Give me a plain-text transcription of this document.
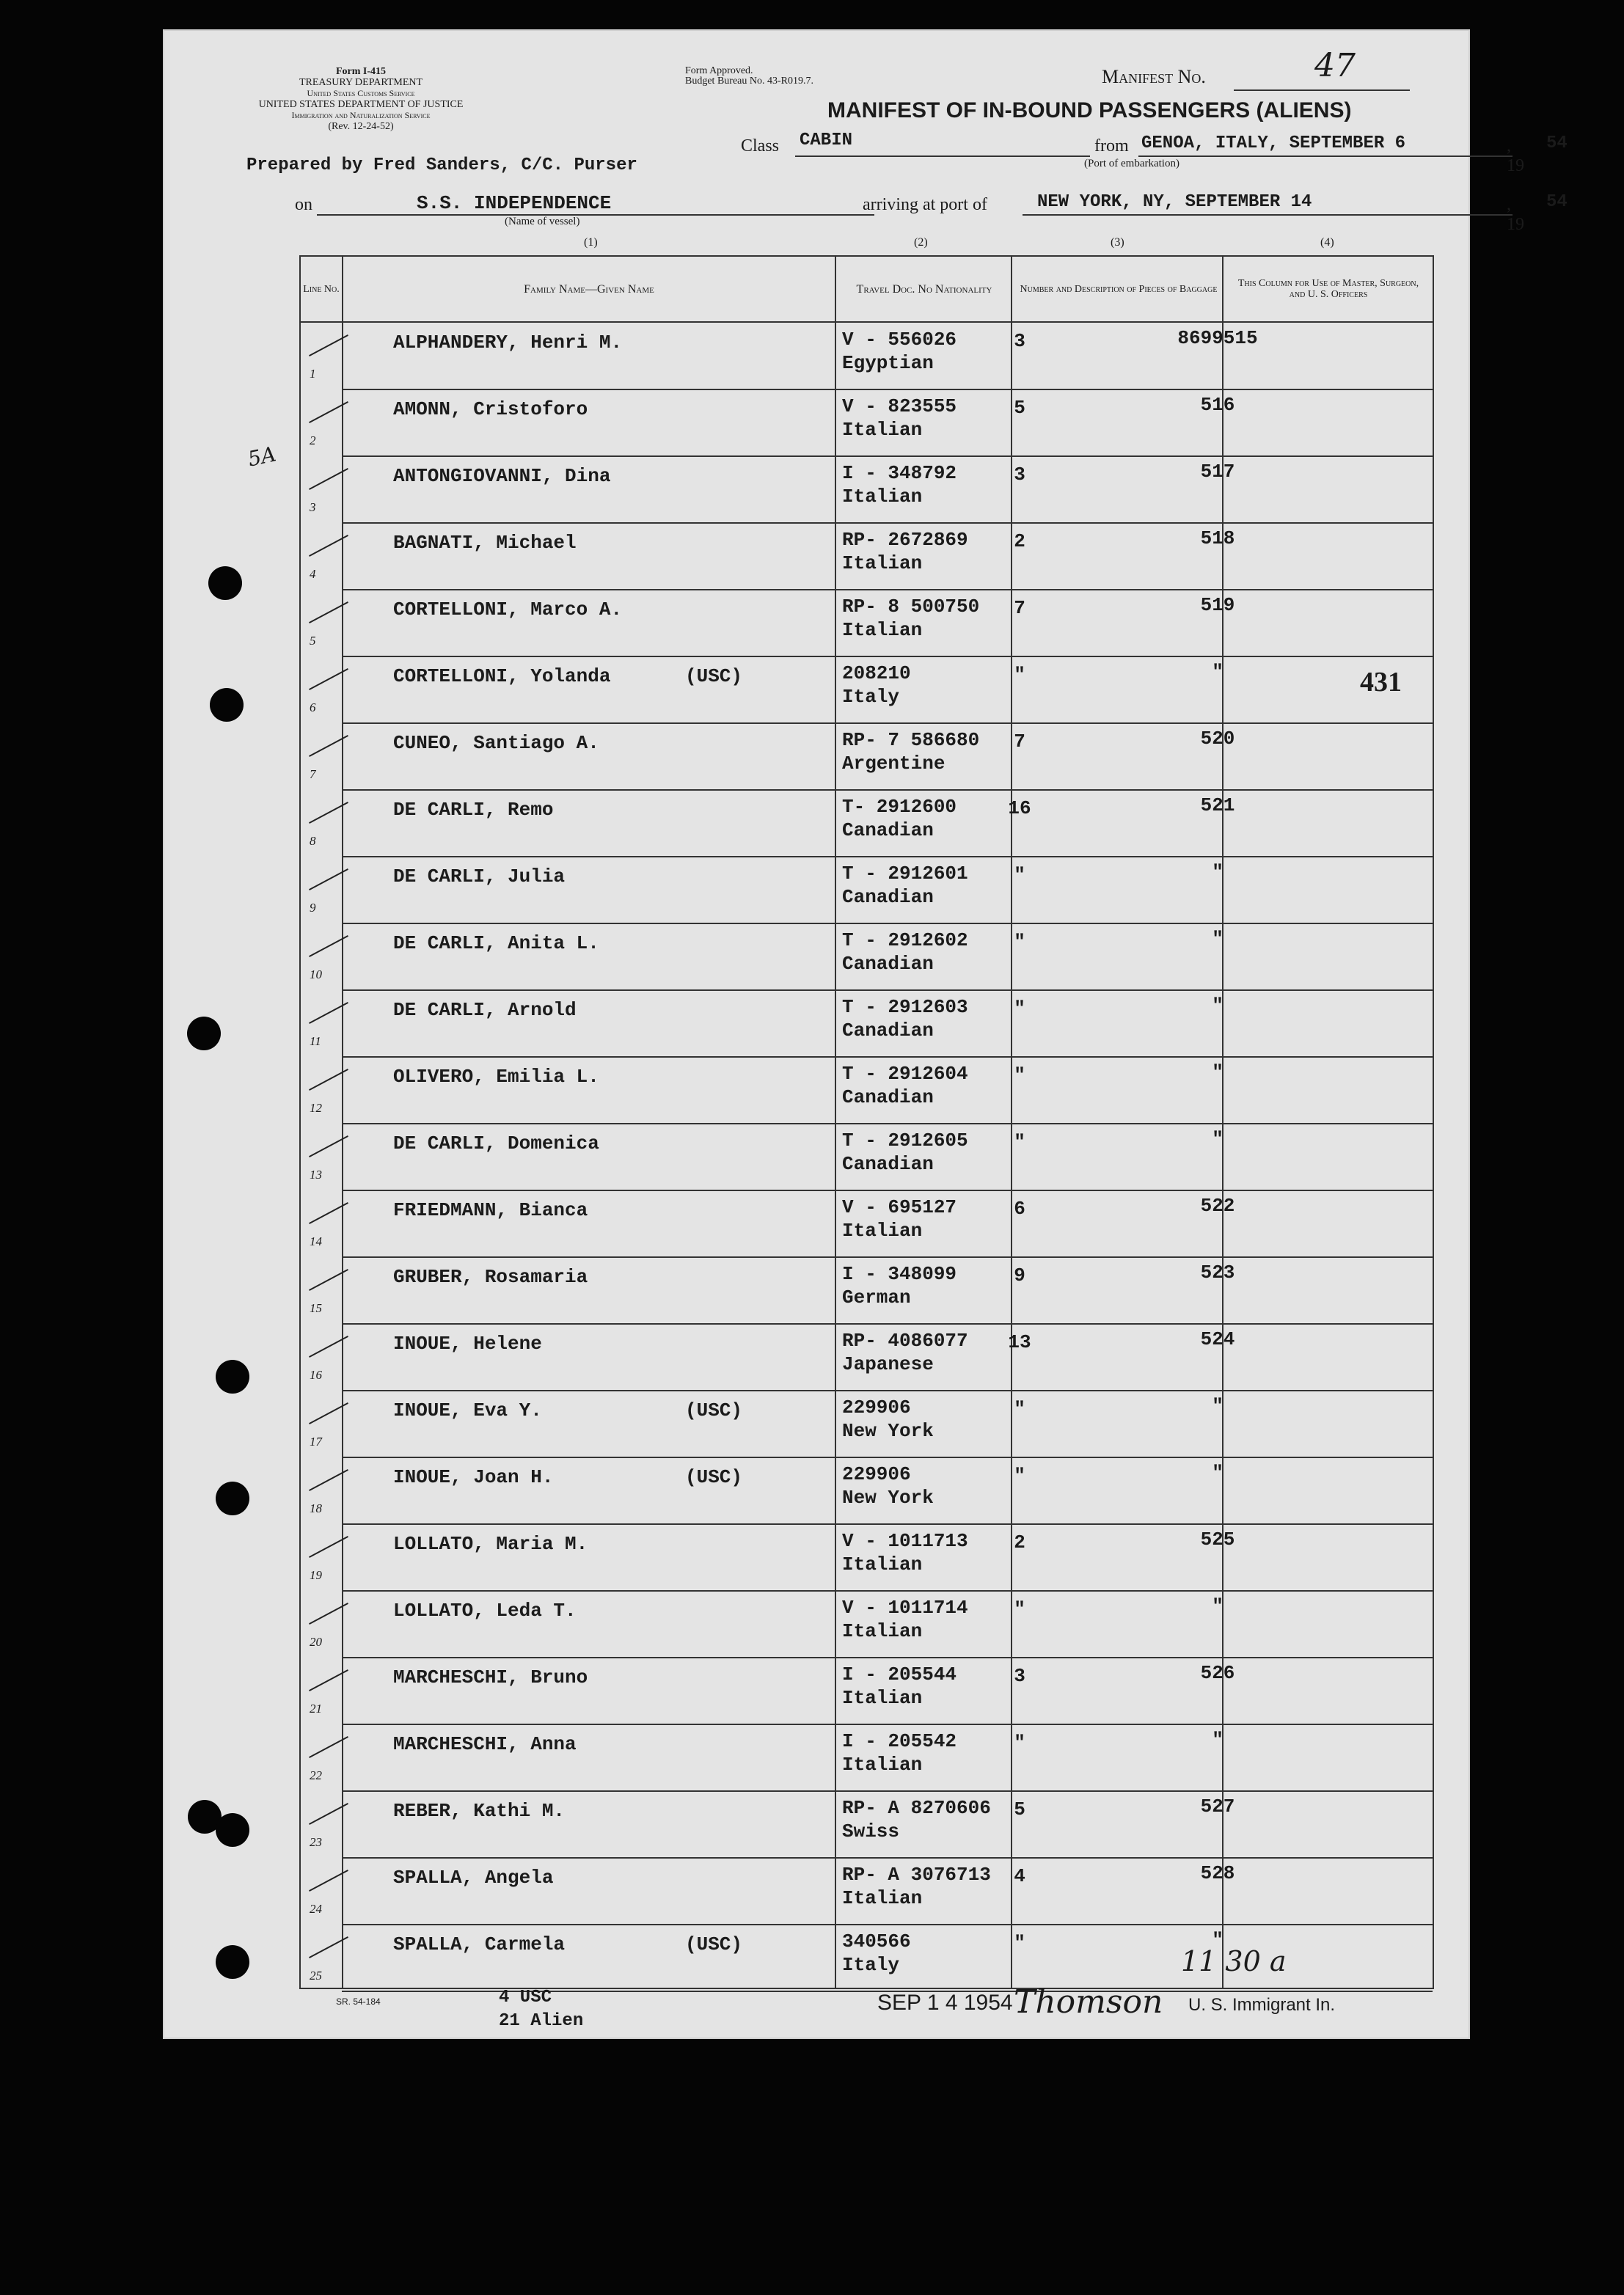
Form I-415
TREASURY DEPARTMENT
United States Customs Service
UNITED STATES DEPARTMENT OF JUSTICE
Immigration and Naturalization Service
(Rev. 12-24-52)
Prepared by Fred Sanders, C/C. Purser
Form Approved.
Budget Bureau No. 43-R019.7.	Manifest No.	47
MANIFEST OF IN-BOUND PASSENGERS (ALIENS)
Class CABIN	from GENOA, ITALY, SEPTEMBER 6	, 19
54
(Port of embarkation)
on	S.S. INDEPENDENCE
(Name of vessel)
arriving at port of	NEW YORK, NY, SEPTEMBER 14	, 19
54
(1)	(2)	(3)	(4)
Line No.	Family Name—Given Name	Travel Doc. No Nationality	Number and Description of Pieces of Baggage	This Column for Use of Master, Surgeon, and U. S. Officers
1
ALPHANDERY, Henri M.	V - 556026
Egyptian
3	8699515
2
AMONN, Cristoforo	V - 823555
Italian
5	516
3
ANTONGIOVANNI, Dina	I - 348792
Italian
3	517
4
BAGNATI, Michael	RP- 2672869
Italian
2	518
5
CORTELLONI, Marco A.	RP- 8 500750
Italian
7	519
6
CORTELLONI, Yolanda	(USC)	208210
Italy
"	"
7
CUNEO, Santiago A.	RP- 7 586680
Argentine
7	520
8
DE CARLI, Remo	T- 2912600
Canadian
16	521
9
DE CARLI, Julia	T - 2912601
Canadian
"	"
10
DE CARLI, Anita L.	T - 2912602
Canadian
"	"
11
DE CARLI, Arnold	T - 2912603
Canadian
"	"
12
OLIVERO, Emilia L.	T - 2912604
Canadian
"	"
13
DE CARLI, Domenica	T - 2912605
Canadian
"	"
14
FRIEDMANN, Bianca	V - 695127
Italian
6	522
15
GRUBER, Rosamaria	I - 348099
German
9	523
16
INOUE, Helene	RP- 4086077
Japanese
13	524
17
INOUE, Eva Y.	(USC)	229906
New York
"	"
18
INOUE, Joan H.	(USC)	229906
New York
"	"
19
LOLLATO, Maria M.	V - 1011713
Italian
2	525
20
LOLLATO, Leda T.	V - 1011714
Italian
"	"
21
MARCHESCHI, Bruno	I - 205544
Italian
3	526
22
MARCHESCHI, Anna	I - 205542
Italian
"	"
23
REBER, Kathi M.	RP- A 8270606
Swiss
5	527
24
SPALLA, Angela	RP- A 3076713
Italian
4	528
25
SPALLA, Carmela	(USC)	340566
Italy
"	"
5A
431
SR. 54-184	4 USC
21 Alien
SEP 1 4 1954 Thomson U. S. Immigrant In.
11 30 a
